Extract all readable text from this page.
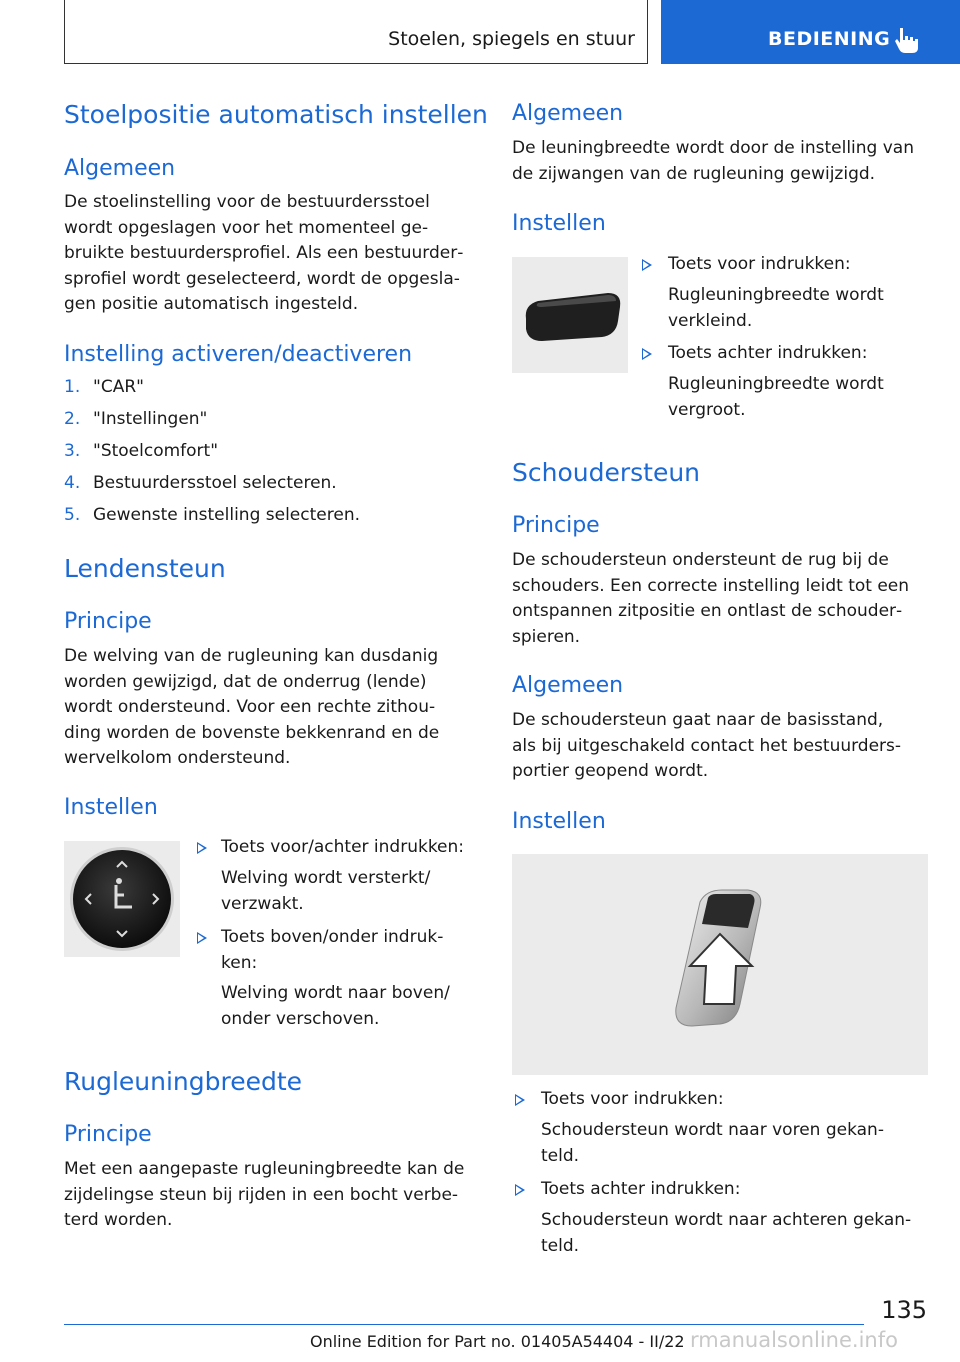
Stoelen, spiegels en stuur	BEDIENING
Stoelpositie automatisch instellen
Algemeen

De stoelinstelling voor de bestuurdersstoel
wordt opgeslagen voor het momenteel ge‐
bruikte bestuurdersprofiel. Als een bestuurder‐
sprofiel wordt geselecteerd, wordt de opgesla‐
gen positie automatisch ingesteld.

Instelling activeren/deactiveren
1. "CAR"
2. "Instellingen"
3. "Stoelcomfort"
4. Bestuurdersstoel selecteren.
5. Gewenste instelling selecteren.
Lendensteun
Principe

De welving van de rugleuning kan dusdanig
worden gewijzigd, dat de onderrug (lende)
wordt ondersteund. Voor een rechte zithou‐
ding worden de bovenste bekkenrand en de
wervelkolom ondersteund.

Instellen
Toets voor/achter indrukken:
Welving wordt versterkt/
verzwakt.
Toets boven/onder indruk‐
ken:
Welving wordt naar boven/
onder verschoven.
Rugleuningbreedte
Principe

Met een aangepaste rugleuningbreedte kan de
zijdelingse steun bij rijden in een bocht verbe‐
terd worden.

Algemeen

De leuningbreedte wordt door de instelling van
de zijwangen van de rugleuning gewijzigd.

Instellen
Toets voor indrukken:
Rugleuningbreedte wordt
verkleind.
Toets achter indrukken:
Rugleuningbreedte wordt
vergroot.
Schoudersteun
Principe

De schoudersteun ondersteunt de rug bij de
schouders. Een correcte instelling leidt tot een
ontspannen zitpositie en ontlast de schouder‐
spieren.

Algemeen

De schoudersteun gaat naar de basisstand,
als bij uitgeschakeld contact het bestuurders‐
portier geopend wordt.

Instellen
Toets voor indrukken:
Schoudersteun wordt naar voren gekan‐
teld.
Toets achter indrukken:
Schoudersteun wordt naar achteren gekan‐
teld.
135
Online Edition for Part no. 01405A54404 - II/22 rmanualsonline.info
